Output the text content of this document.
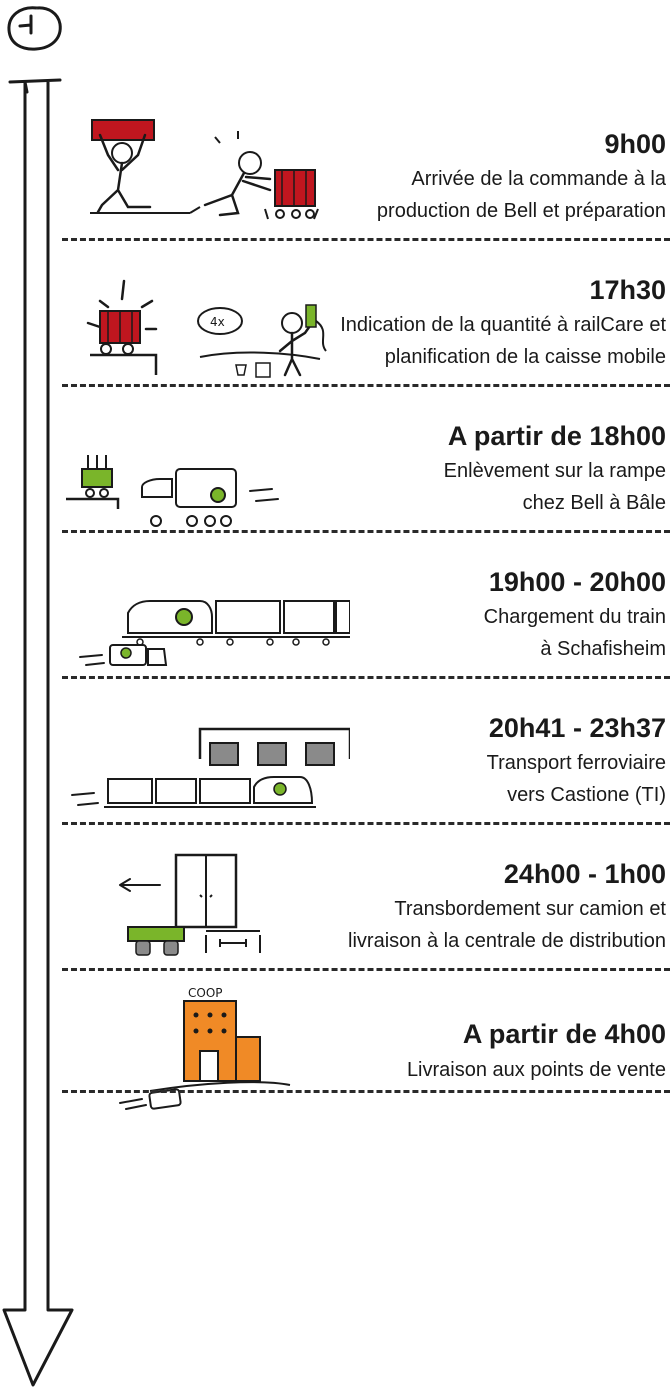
9h00
Arrivée de la commande à la
production de Bell et préparation
4x
17h30
Indication de la quantité à railCare et
planification de la caisse mobile
A partir de 18h00
Enlèvement sur la rampe
chez Bell à Bâle
19h00 - 20h00
Chargement du train
à Schafisheim
20h41 - 23h37
Transport ferroviaire
vers Castione (TI)
24h00 - 1h00
Transbordement sur camion et
livraison à la centrale de distribution
COOP
A partir de 4h00
Livraison aux points de vente
